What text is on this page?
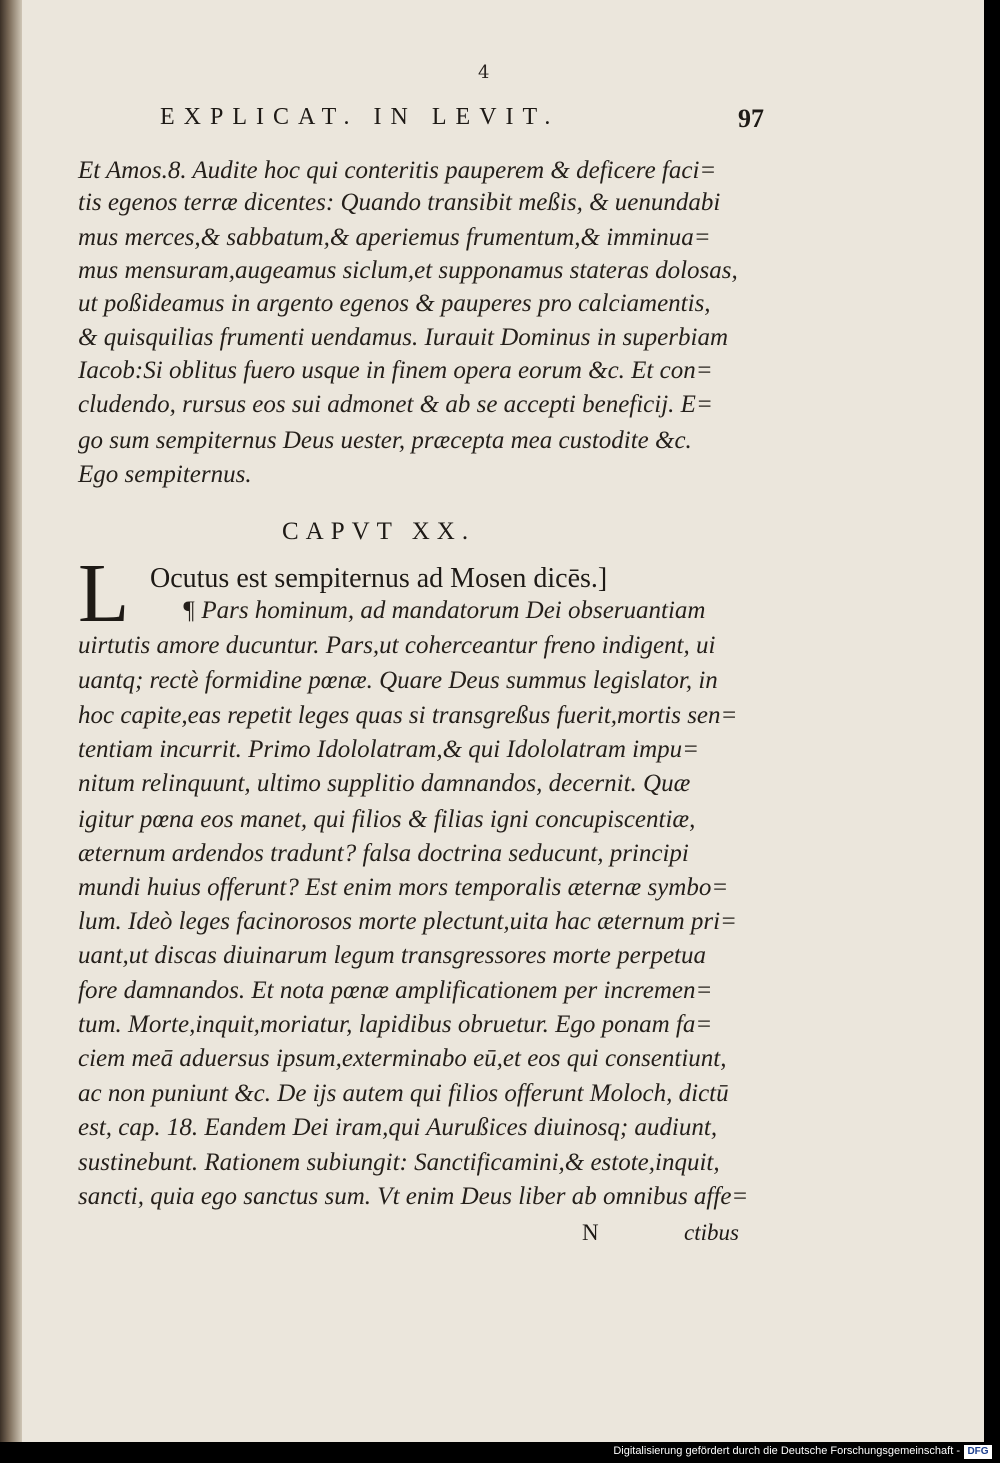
4
EXPLICAT. IN LEVIT.	97
Et Amos.8. Audite hoc qui conteritis pauperem & deficere faci=
tis egenos terræ dicentes: Quando transibit meßis, & uenundabi
mus merces,& sabbatum,& aperiemus frumentum,& imminua=
mus mensuram,augeamus siclum,et supponamus stateras dolosas,
ut poßideamus in argento egenos & pauperes pro calciamentis,
& quisquilias frumenti uendamus. Iurauit Dominus in superbiam
Iacob:Si oblitus fuero usque in finem opera eorum &c. Et con=
cludendo, rursus eos sui admonet & ab se accepti beneficij. E=
go sum sempiternus Deus uester, præcepta mea custodite &c.
Ego sempiternus.
CAPVT XX.
L Ocutus est sempiternus ad Mosen dicēs.]
¶ Pars hominum, ad mandatorum Dei obseruantiam
uirtutis amore ducuntur. Pars,ut coherceantur freno indigent, ui
uantq; rectè formidine pœnæ. Quare Deus summus legislator, in
hoc capite,eas repetit leges quas si transgreßus fuerit,mortis sen=
tentiam incurrit. Primo Idololatram,& qui Idololatram impu=
nitum relinquunt, ultimo supplitio damnandos, decernit. Quæ
igitur pœna eos manet, qui filios & filias igni concupiscentiæ,
æternum ardendos tradunt? falsa doctrina seducunt, principi
mundi huius offerunt? Est enim mors temporalis æternæ symbo=
lum. Ideò leges facinorosos morte plectunt,uita hac æternum pri=
uant,ut discas diuinarum legum transgressores morte perpetua
fore damnandos. Et nota pœnæ amplificationem per incremen=
tum. Morte,inquit,moriatur, lapidibus obruetur. Ego ponam fa=
ciem meā aduersus ipsum,exterminabo eū,et eos qui consentiunt,
ac non puniunt &c. De ijs autem qui filios offerunt Moloch, dictū
est, cap. 18. Eandem Dei iram,qui Aurußices diuinosq; audiunt,
sustinebunt. Rationem subiungit: Sanctificamini,& estote,inquit,
sancti, quia ego sanctus sum. Vt enim Deus liber ab omnibus affe=
N	ctibus
Digitalisierung gefördert durch die Deutsche Forschungsgemeinschaft - DFG
